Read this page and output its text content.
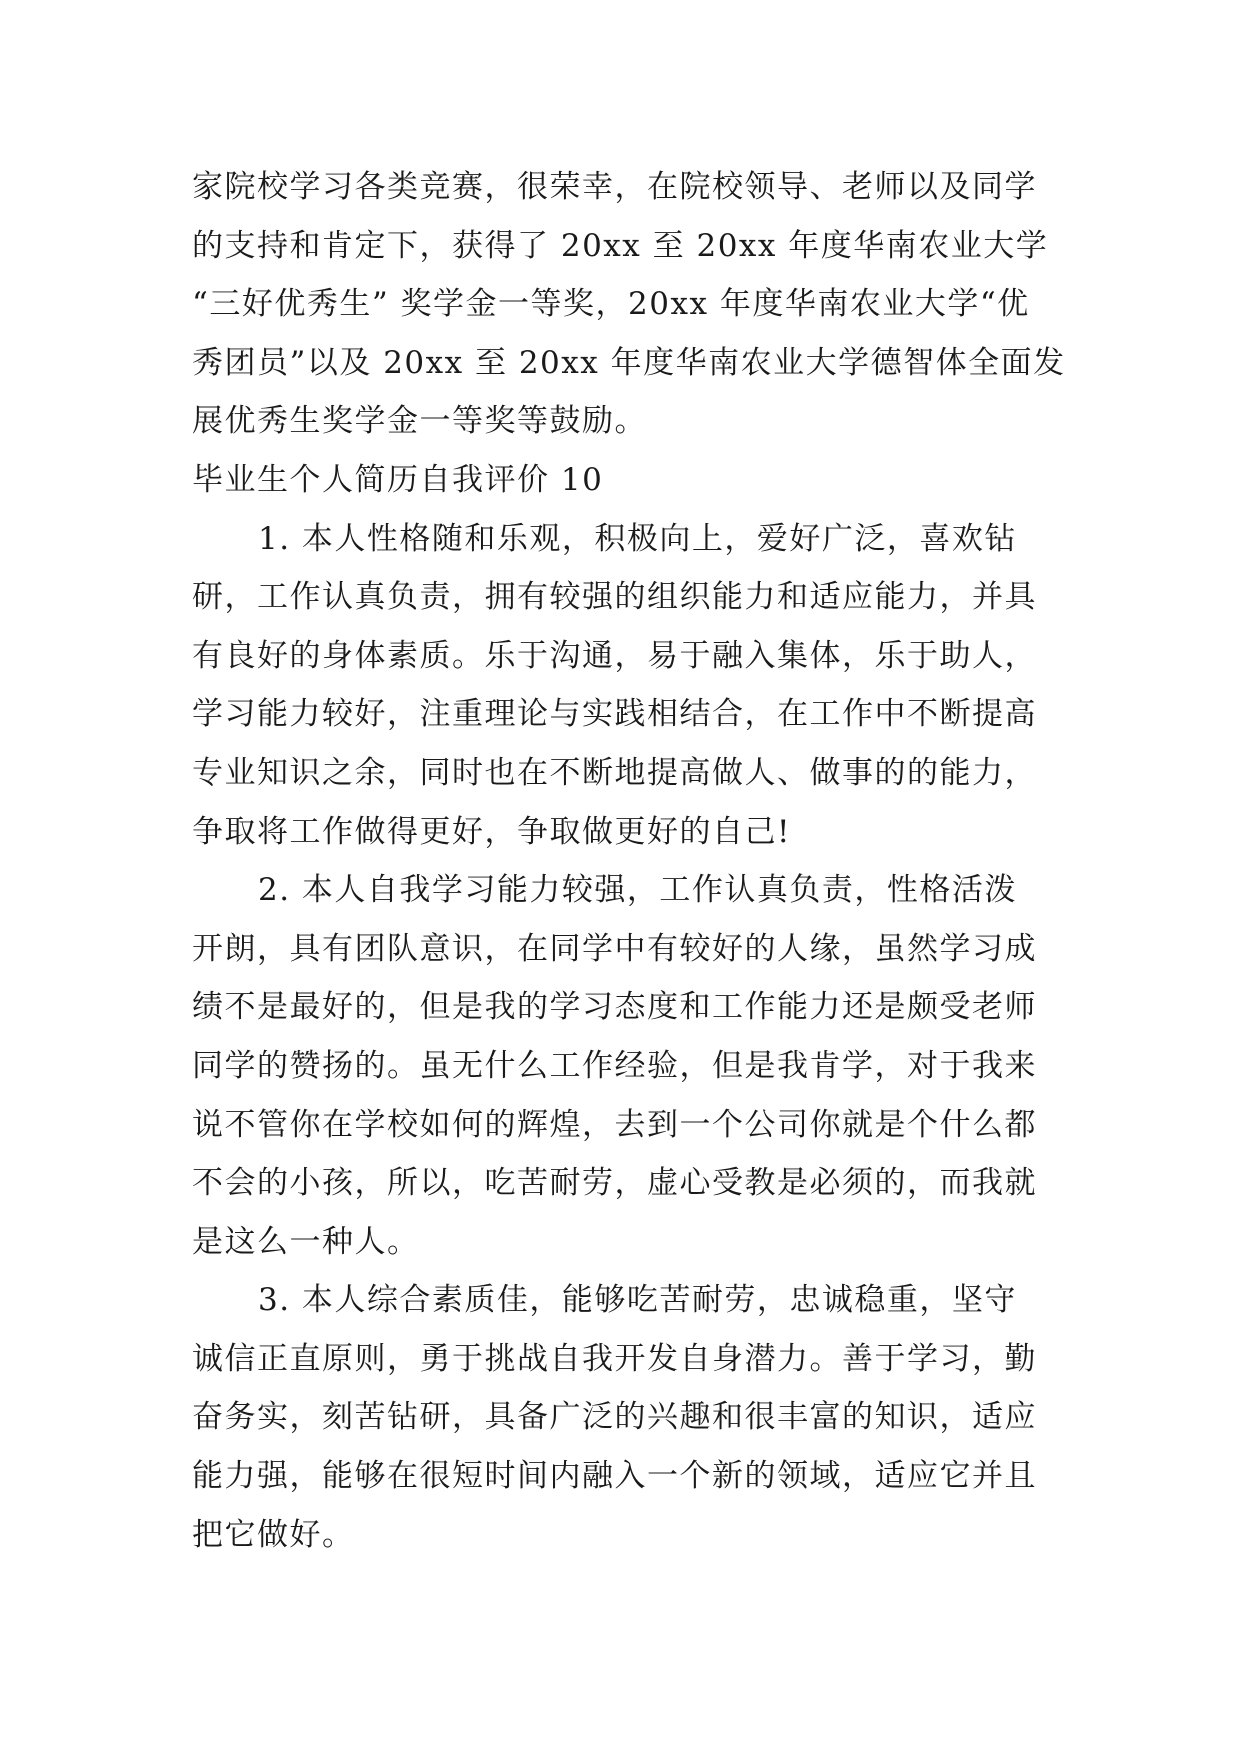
家院校学习各类竞赛，很荣幸，在院校领导、老师以及同学
的支持和肯定下，获得了 20xx 至 20xx 年度华南农业大学
“三好优秀生” 奖学金一等奖，20xx 年度华南农业大学“优
秀团员”以及 20xx 至 20xx 年度华南农业大学德智体全面发
展优秀生奖学金一等奖等鼓励。
毕业生个人简历自我评价 10
1. 本人性格随和乐观，积极向上，爱好广泛，喜欢钻
研，工作认真负责，拥有较强的组织能力和适应能力，并具
有良好的身体素质。乐于沟通，易于融入集体，乐于助人，
学习能力较好，注重理论与实践相结合，在工作中不断提高
专业知识之余，同时也在不断地提高做人、做事的的能力，
争取将工作做得更好，争取做更好的自己!
2. 本人自我学习能力较强，工作认真负责，性格活泼
开朗，具有团队意识，在同学中有较好的人缘，虽然学习成
绩不是最好的，但是我的学习态度和工作能力还是颇受老师
同学的赞扬的。虽无什么工作经验，但是我肯学，对于我来
说不管你在学校如何的辉煌，去到一个公司你就是个什么都
不会的小孩，所以，吃苦耐劳，虚心受教是必须的，而我就
是这么一种人。
3. 本人综合素质佳，能够吃苦耐劳，忠诚稳重，坚守
诚信正直原则，勇于挑战自我开发自身潜力。善于学习，勤
奋务实，刻苦钻研，具备广泛的兴趣和很丰富的知识，适应
能力强，能够在很短时间内融入一个新的领域，适应它并且
把它做好。
